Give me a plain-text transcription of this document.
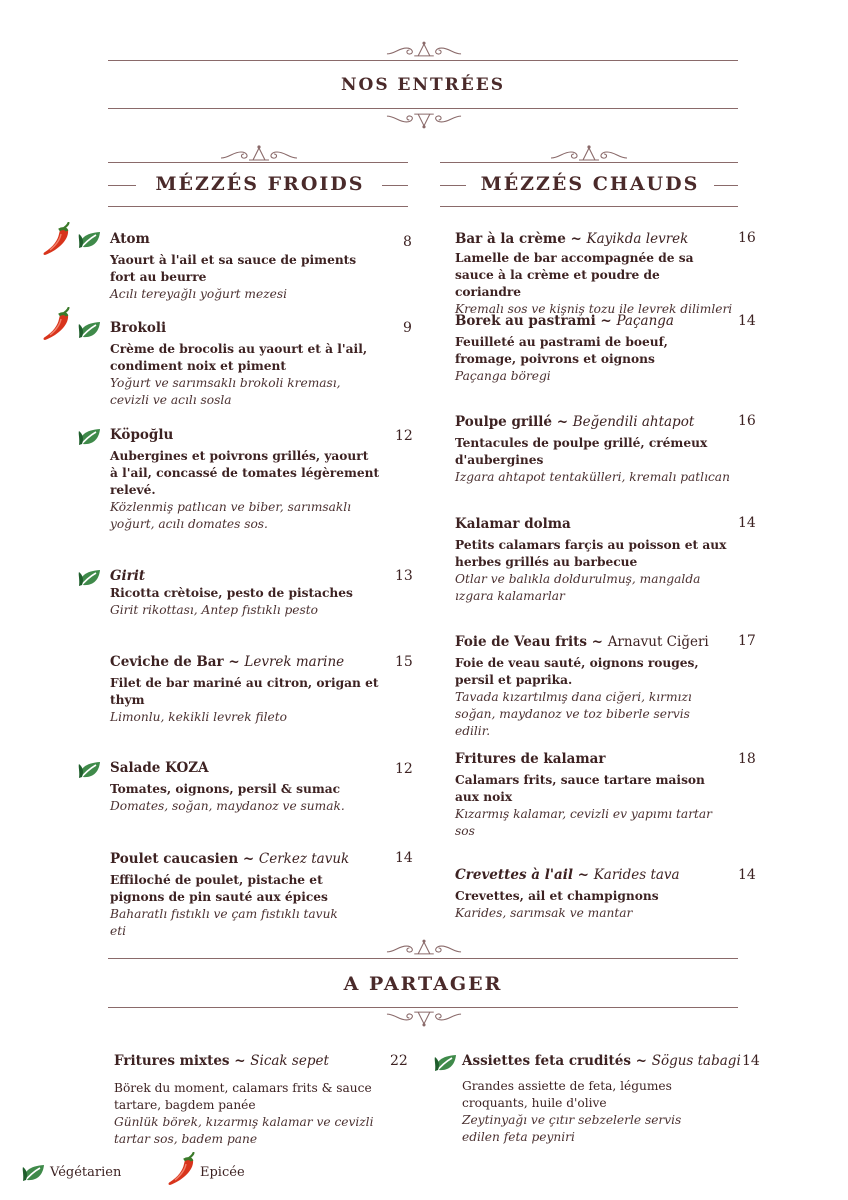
NOS ENTRÉES
MÉZZÉS FROIDS	MÉZZÉS CHAUDS
Atom
Yaourt à l'ail et sa sauce de piments fort au beurre
Acılı tereyağlı yoğurt mezesi
8
Brokoli
Crème de brocolis au yaourt et à l'ail, condiment noix et piment
Yoğurt ve sarımsaklı brokoli kreması, cevizli ve acılı sosla
9
Köpoğlu
Aubergines et poivrons grillés, yaourt à l'ail, concassé de tomates légèrement relevé.
Közlenmiş patlıcan ve biber, sarımsaklı yoğurt, acılı domates sos.
12
Girit
Ricotta crètoise, pesto de pistaches
Girit rikottası, Antep fıstıklı pesto
13
Ceviche de Bar ~ Levrek marine
Filet de bar mariné au citron, origan et thym
Limonlu, kekikli levrek fileto
15
Salade KOZA
Tomates, oignons, persil & sumac
Domates, soğan, maydanoz ve sumak.
12
Poulet caucasien ~ Cerkez tavuk
Effiloché de poulet, pistache et pignons de pin sauté aux épices
Baharatlı fıstıklı ve çam fıstıklı tavuk eti
14
Bar à la crème ~ Kayikda levrek
Lamelle de bar accompagnée de sa sauce à la crème et poudre de coriandre
Kremalı sos ve kişniş tozu ile levrek dilimleri
16
Borek au pastrami ~ Paçanga
Feuilleté au pastrami de boeuf, fromage, poivrons et oignons
Paçanga böregi
14
Poulpe grillé ~ Beğendili ahtapot
Tentacules de poulpe grillé, crémeux d'aubergines
Izgara ahtapot tentakülleri, kremalı patlıcan
16
Kalamar dolma
Petits calamars farçis au poisson et aux herbes grillés au barbecue
Otlar ve balıkla doldurulmuş, mangalda ızgara kalamarlar
14
Foie de Veau frits ~ Arnavut Ciğeri
Foie de veau sauté, oignons rouges, persil et paprika.
Tavada kızartılmış dana ciğeri, kırmızı soğan, maydanoz ve toz biberle servis edilir.
17
Fritures de kalamar
Calamars frits, sauce tartare maison aux noix
Kızarmış kalamar, cevizli ev yapımı tartar sos
18
Crevettes à l'ail ~ Karides tava
Crevettes, ail et champignons
Karides, sarımsak ve mantar
14
A PARTAGER
Fritures mixtes ~ Sicak sepet
Börek du moment, calamars frits & sauce tartare, bagdem panée
Günlük börek, kızarmış kalamar ve cevizli tartar sos, badem pane
22	Assiettes feta crudités ~ Sögus tabagi
Grandes assiette de feta, légumes croquants, huile d'olive
Zeytinyağı ve çıtır sebzelerle servis edilen feta peyniri
14
Végétarien	Epicée
